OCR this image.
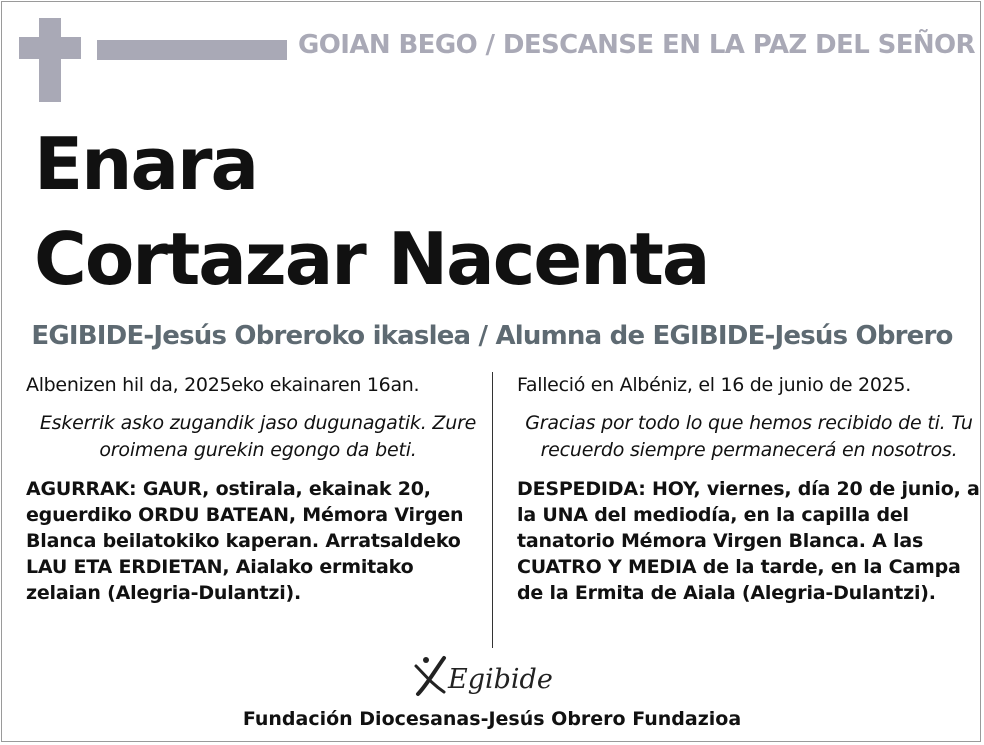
GOIAN BEGO / DESCANSE EN LA PAZ DEL SEÑOR
Enara
Cortazar Nacenta
EGIBIDE-Jesús Obreroko ikaslea / Alumna de EGIBIDE-Jesús Obrero

Albenizen hil da, 2025eko ekainaren 16an.

Eskerrik asko zugandik jaso dugunagatik. Zure oroimena gurekin egongo da beti.

AGURRAK: GAUR, ostirala, ekainak 20, eguerdiko ORDU BATEAN, Mémora Virgen Blanca beilatokiko kaperan. Arratsaldeko LAU ETA ERDIETAN, Aialako ermitako zelaian (Alegria-Dulantzi).

Falleció en Albéniz, el 16 de junio de 2025.

Gracias por todo lo que hemos recibido de ti. Tu recuerdo siempre permanecerá en nosotros.

DESPEDIDA: HOY, viernes, día 20 de junio, a la UNA del mediodía, en la capilla del tanatorio Mémora Virgen Blanca. A las CUATRO Y MEDIA de la tarde, en la Campa de la Ermita de Aiala (Alegria-Dulantzi).

Egibide
Fundación Diocesanas-Jesús Obrero Fundazioa
